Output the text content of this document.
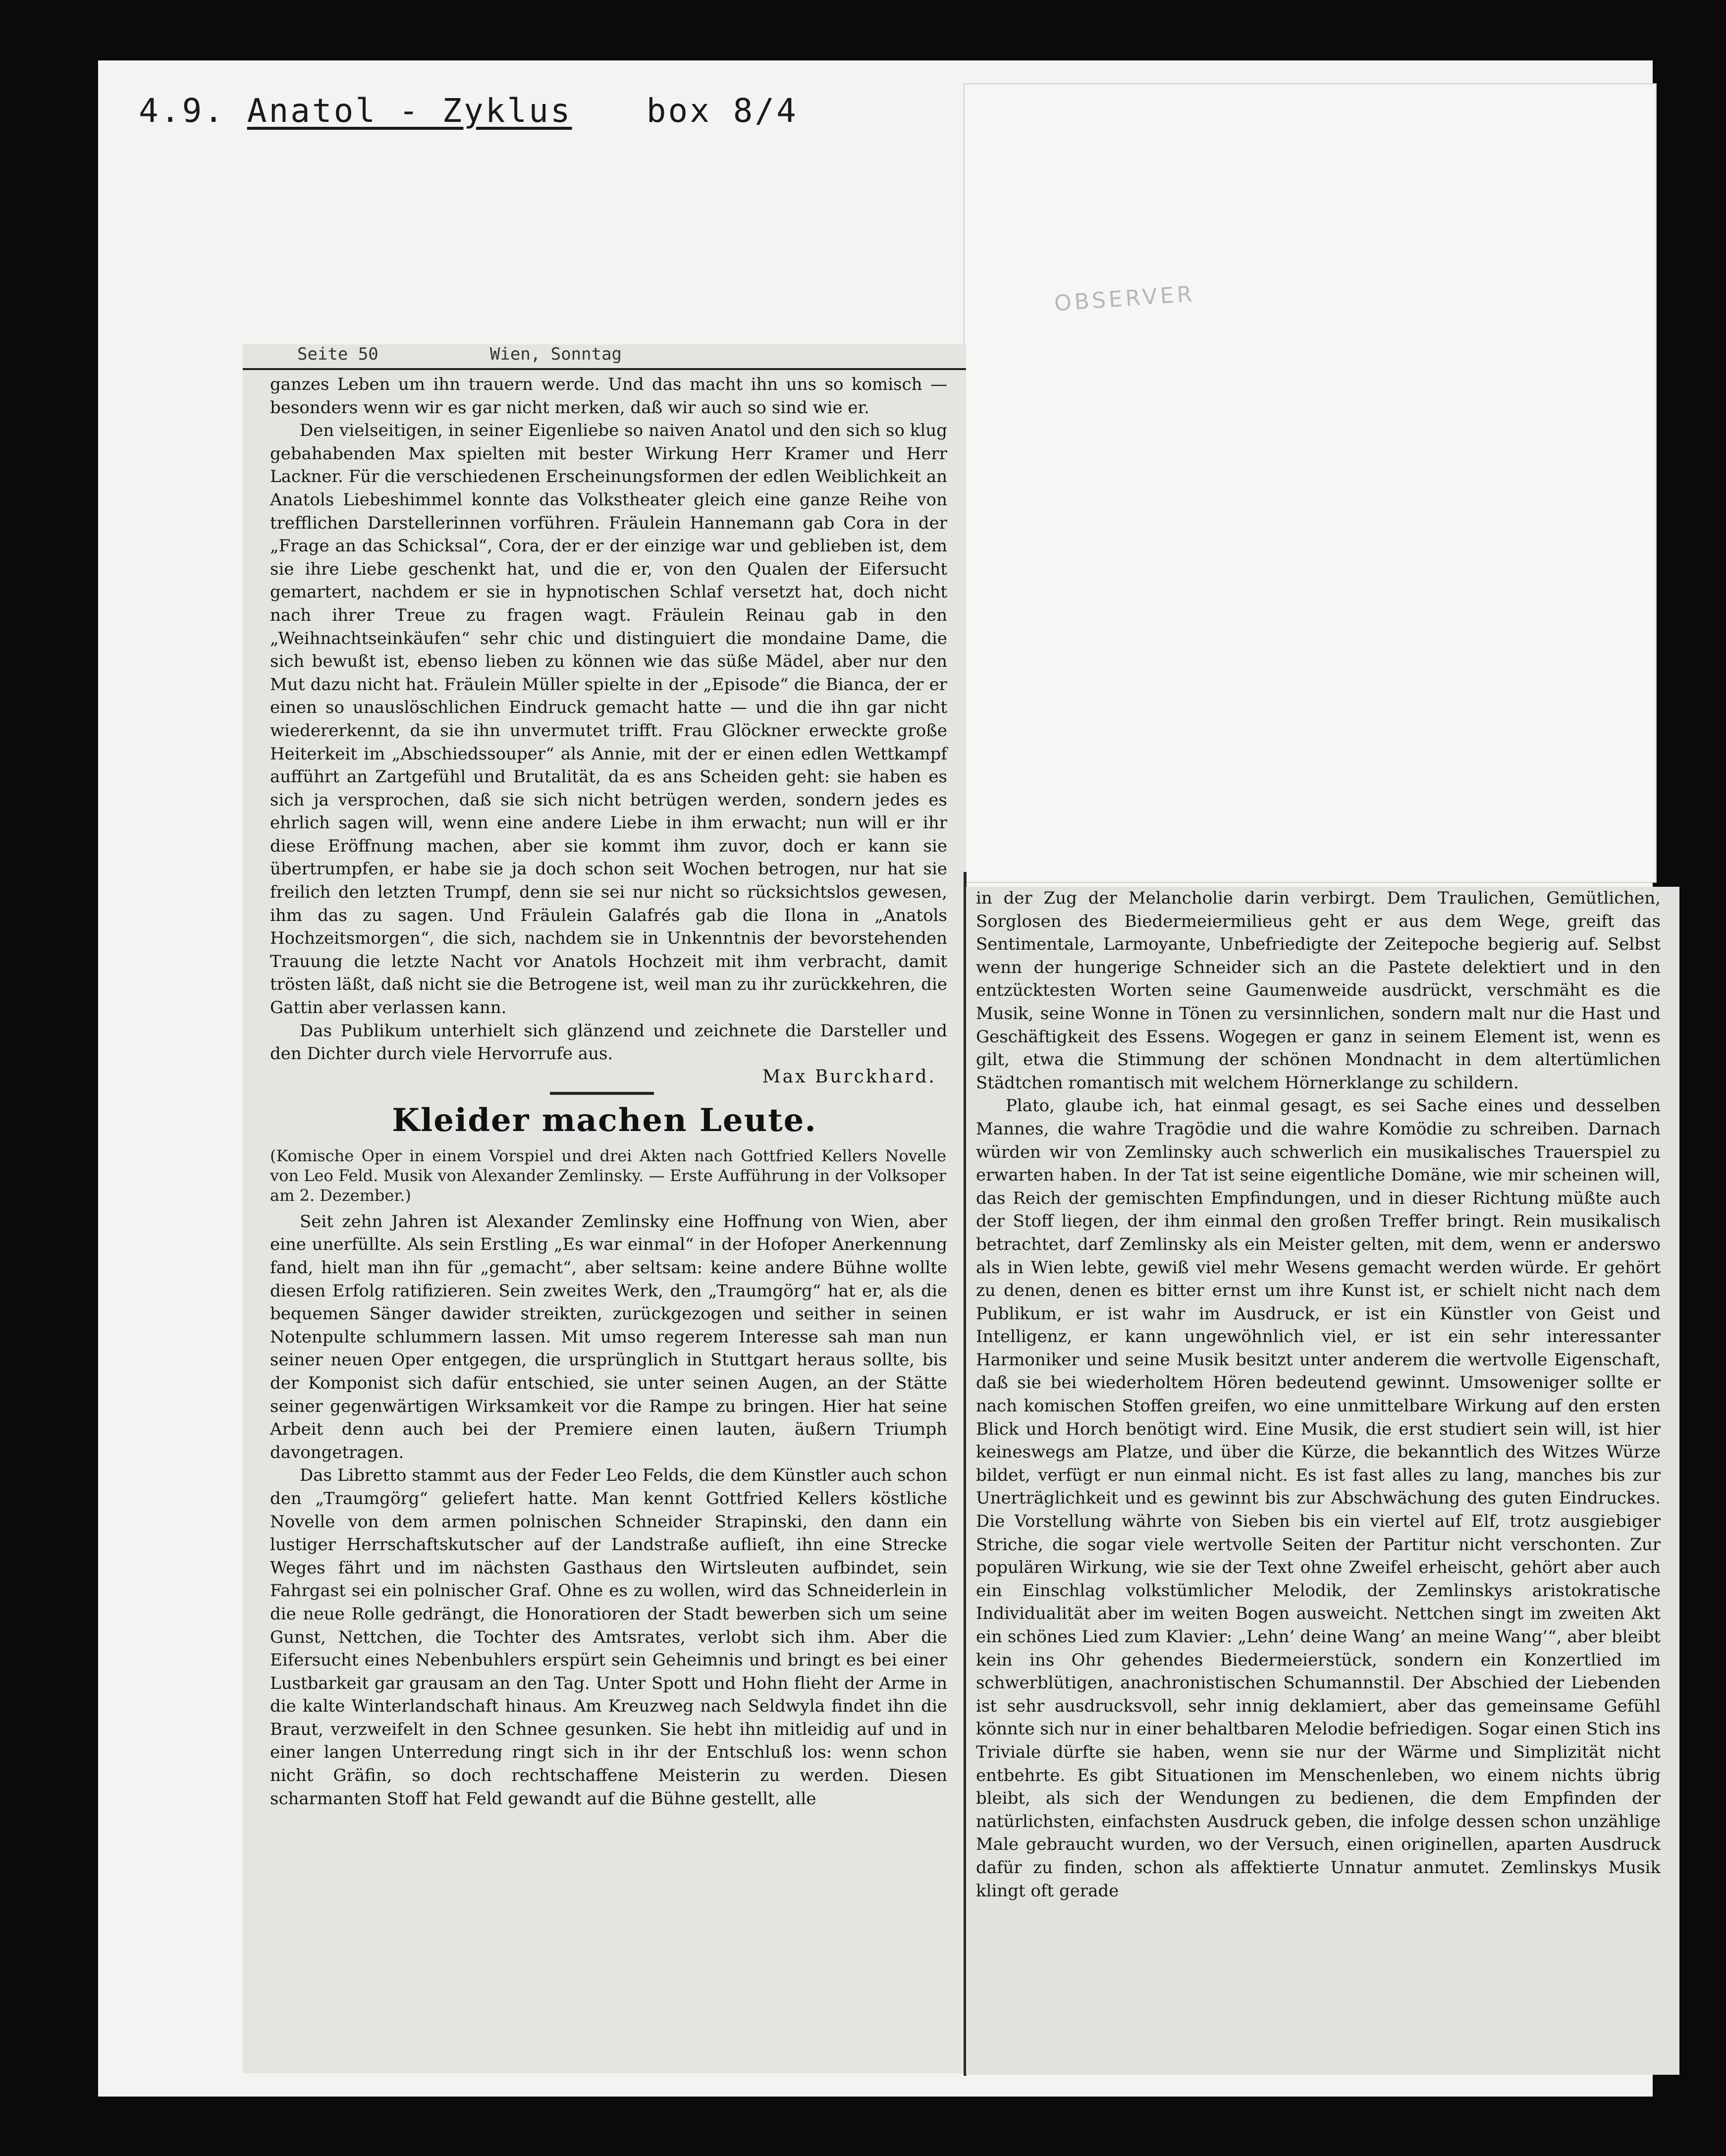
4.9. Anatol - Zyklus box 8/4
OBSERVER
Seite 50           Wien, Sonntag

ganzes Leben um ihn trauern werde. Und das macht ihn uns so komisch — besonders wenn wir es gar nicht merken, daß wir auch so sind wie er.

Den vielseitigen, in seiner Eigenliebe so naiven Anatol und den sich so klug gebahabenden Max spielten mit bester Wirkung Herr Kramer und Herr Lackner. Für die verschiedenen Erscheinungsformen der edlen Weiblichkeit an Anatols Liebeshimmel konnte das Volkstheater gleich eine ganze Reihe von trefflichen Darstellerinnen vorführen. Fräulein Hannemann gab Cora in der „Frage an das Schicksal“, Cora, der er der einzige war und geblieben ist, dem sie ihre Liebe geschenkt hat, und die er, von den Qualen der Eifersucht gemartert, nachdem er sie in hypnotischen Schlaf versetzt hat, doch nicht nach ihrer Treue zu fragen wagt. Fräulein Reinau gab in den „Weihnachtseinkäufen“ sehr chic und distinguiert die mondaine Dame, die sich bewußt ist, ebenso lieben zu können wie das süße Mädel, aber nur den Mut dazu nicht hat. Fräulein Müller spielte in der „Episode“ die Bianca, der er einen so unauslöschlichen Eindruck gemacht hatte — und die ihn gar nicht wiedererkennt, da sie ihn unvermutet trifft. Frau Glöckner erweckte große Heiterkeit im „Abschiedssouper“ als Annie, mit der er einen edlen Wettkampf aufführt an Zartgefühl und Brutalität, da es ans Scheiden geht: sie haben es sich ja versprochen, daß sie sich nicht betrügen werden, sondern jedes es ehrlich sagen will, wenn eine andere Liebe in ihm erwacht; nun will er ihr diese Eröffnung machen, aber sie kommt ihm zuvor, doch er kann sie übertrumpfen, er habe sie ja doch schon seit Wochen betrogen, nur hat sie freilich den letzten Trumpf, denn sie sei nur nicht so rücksichtslos gewesen, ihm das zu sagen. Und Fräulein Galafrés gab die Ilona in „Anatols Hochzeitsmorgen“, die sich, nachdem sie in Unkenntnis der bevorstehenden Trauung die letzte Nacht vor Anatols Hochzeit mit ihm verbracht, damit trösten läßt, daß nicht sie die Betrogene ist, weil man zu ihr zurückkehren, die Gattin aber verlassen kann.

Das Publikum unterhielt sich glänzend und zeichnete die Darsteller und den Dichter durch viele Hervorrufe aus.

Max Burckhard.
Kleider machen Leute.
(Komische Oper in einem Vorspiel und drei Akten nach Gottfried Kellers Novelle von Leo Feld. Musik von Alexander Zemlinsky. — Erste Aufführung in der Volksoper am 2. Dezember.)

Seit zehn Jahren ist Alexander Zemlinsky eine Hoffnung von Wien, aber eine unerfüllte. Als sein Erstling „Es war einmal“ in der Hofoper Anerkennung fand, hielt man ihn für „gemacht“, aber seltsam: keine andere Bühne wollte diesen Erfolg ratifizieren. Sein zweites Werk, den „Traumgörg“ hat er, als die bequemen Sänger dawider streikten, zurückgezogen und seither in seinen Notenpulte schlummern lassen. Mit umso regerem Interesse sah man nun seiner neuen Oper entgegen, die ursprünglich in Stuttgart heraus sollte, bis der Komponist sich dafür entschied, sie unter seinen Augen, an der Stätte seiner gegenwärtigen Wirksamkeit vor die Rampe zu bringen. Hier hat seine Arbeit denn auch bei der Premiere einen lauten, äußern Triumph davongetragen.

Das Libretto stammt aus der Feder Leo Felds, die dem Künstler auch schon den „Traumgörg“ geliefert hatte. Man kennt Gottfried Kellers köstliche Novelle von dem armen polnischen Schneider Strapinski, den dann ein lustiger Herrschaftskutscher auf der Landstraße auflieſt, ihn eine Strecke Weges fährt und im nächsten Gasthaus den Wirtsleuten aufbindet, sein Fahrgast sei ein polnischer Graf. Ohne es zu wollen, wird das Schneiderlein in die neue Rolle gedrängt, die Honoratioren der Stadt bewerben sich um seine Gunst, Nettchen, die Tochter des Amtsrates, verlobt sich ihm. Aber die Eifersucht eines Nebenbuhlers erspürt sein Geheimnis und bringt es bei einer Lustbarkeit gar grausam an den Tag. Unter Spott und Hohn flieht der Arme in die kalte Winterlandschaft hinaus. Am Kreuzweg nach Seldwyla findet ihn die Braut, verzweifelt in den Schnee gesunken. Sie hebt ihn mitleidig auf und in einer langen Unterredung ringt sich in ihr der Entschluß los: wenn schon nicht Gräfin, so doch rechtschaffene Meisterin zu werden. Diesen scharmanten Stoff hat Feld gewandt auf die Bühne gestellt, alle

in der Zug der Melancholie darin verbirgt. Dem Traulichen, Gemütlichen, Sorglosen des Biedermeiermilieus geht er aus dem Wege, greift das Sentimentale, Larmoyante, Unbefriedigte der Zeitepoche begierig auf. Selbst wenn der hungerige Schneider sich an die Pastete delektiert und in den entzücktesten Worten seine Gaumenweide ausdrückt, verschmäht es die Musik, seine Wonne in Tönen zu versinnlichen, sondern malt nur die Hast und Geschäftigkeit des Essens. Wogegen er ganz in seinem Element ist, wenn es gilt, etwa die Stimmung der schönen Mondnacht in dem altertümlichen Städtchen romantisch mit welchem Hörnerklange zu schildern.

Plato, glaube ich, hat einmal gesagt, es sei Sache eines und desselben Mannes, die wahre Tragödie und die wahre Komödie zu schreiben. Darnach würden wir von Zemlinsky auch schwerlich ein musikalisches Trauerspiel zu erwarten haben. In der Tat ist seine eigentliche Domäne, wie mir scheinen will, das Reich der gemischten Empfindungen, und in dieser Richtung müßte auch der Stoff liegen, der ihm einmal den großen Treffer bringt. Rein musikalisch betrachtet, darf Zemlinsky als ein Meister gelten, mit dem, wenn er anderswo als in Wien lebte, gewiß viel mehr Wesens gemacht werden würde. Er gehört zu denen, denen es bitter ernst um ihre Kunst ist, er schielt nicht nach dem Publikum, er ist wahr im Ausdruck, er ist ein Künstler von Geist und Intelligenz, er kann ungewöhnlich viel, er ist ein sehr interessanter Harmoniker und seine Musik besitzt unter anderem die wertvolle Eigenschaft, daß sie bei wiederholtem Hören bedeutend gewinnt. Umsoweniger sollte er nach komischen Stoffen greifen, wo eine unmittelbare Wirkung auf den ersten Blick und Horch benötigt wird. Eine Musik, die erst studiert sein will, ist hier keineswegs am Platze, und über die Kürze, die bekanntlich des Witzes Würze bildet, verfügt er nun einmal nicht. Es ist fast alles zu lang, manches bis zur Unerträglichkeit und es gewinnt bis zur Abschwächung des guten Eindruckes. Die Vorstellung währte von Sieben bis ein viertel auf Elf, trotz ausgiebiger Striche, die sogar viele wertvolle Seiten der Partitur nicht verschonten. Zur populären Wirkung, wie sie der Text ohne Zweifel erheischt, gehört aber auch ein Einschlag volkstümlicher Melodik, der Zemlinskys aristokratische Individualität aber im weiten Bogen ausweicht. Nettchen singt im zweiten Akt ein schönes Lied zum Klavier: „Lehn’ deine Wang’ an meine Wang’“, aber bleibt kein ins Ohr gehendes Biedermeierstück, sondern ein Konzertlied im schwerblütigen, anachronistischen Schumannstil. Der Abschied der Liebenden ist sehr ausdrucksvoll, sehr innig deklamiert, aber das gemeinsame Gefühl könnte sich nur in einer behaltbaren Melodie befriedigen. Sogar einen Stich ins Triviale dürfte sie haben, wenn sie nur der Wärme und Simplizität nicht entbehrte. Es gibt Situationen im Menschenleben, wo einem nichts übrig bleibt, als sich der Wendungen zu bedienen, die dem Empfinden der natürlichsten, einfachsten Ausdruck geben, die infolge dessen schon unzählige Male gebraucht wurden, wo der Versuch, einen originellen, aparten Ausdruck dafür zu finden, schon als affektierte Unnatur anmutet. Zemlinskys Musik klingt oft gerade
